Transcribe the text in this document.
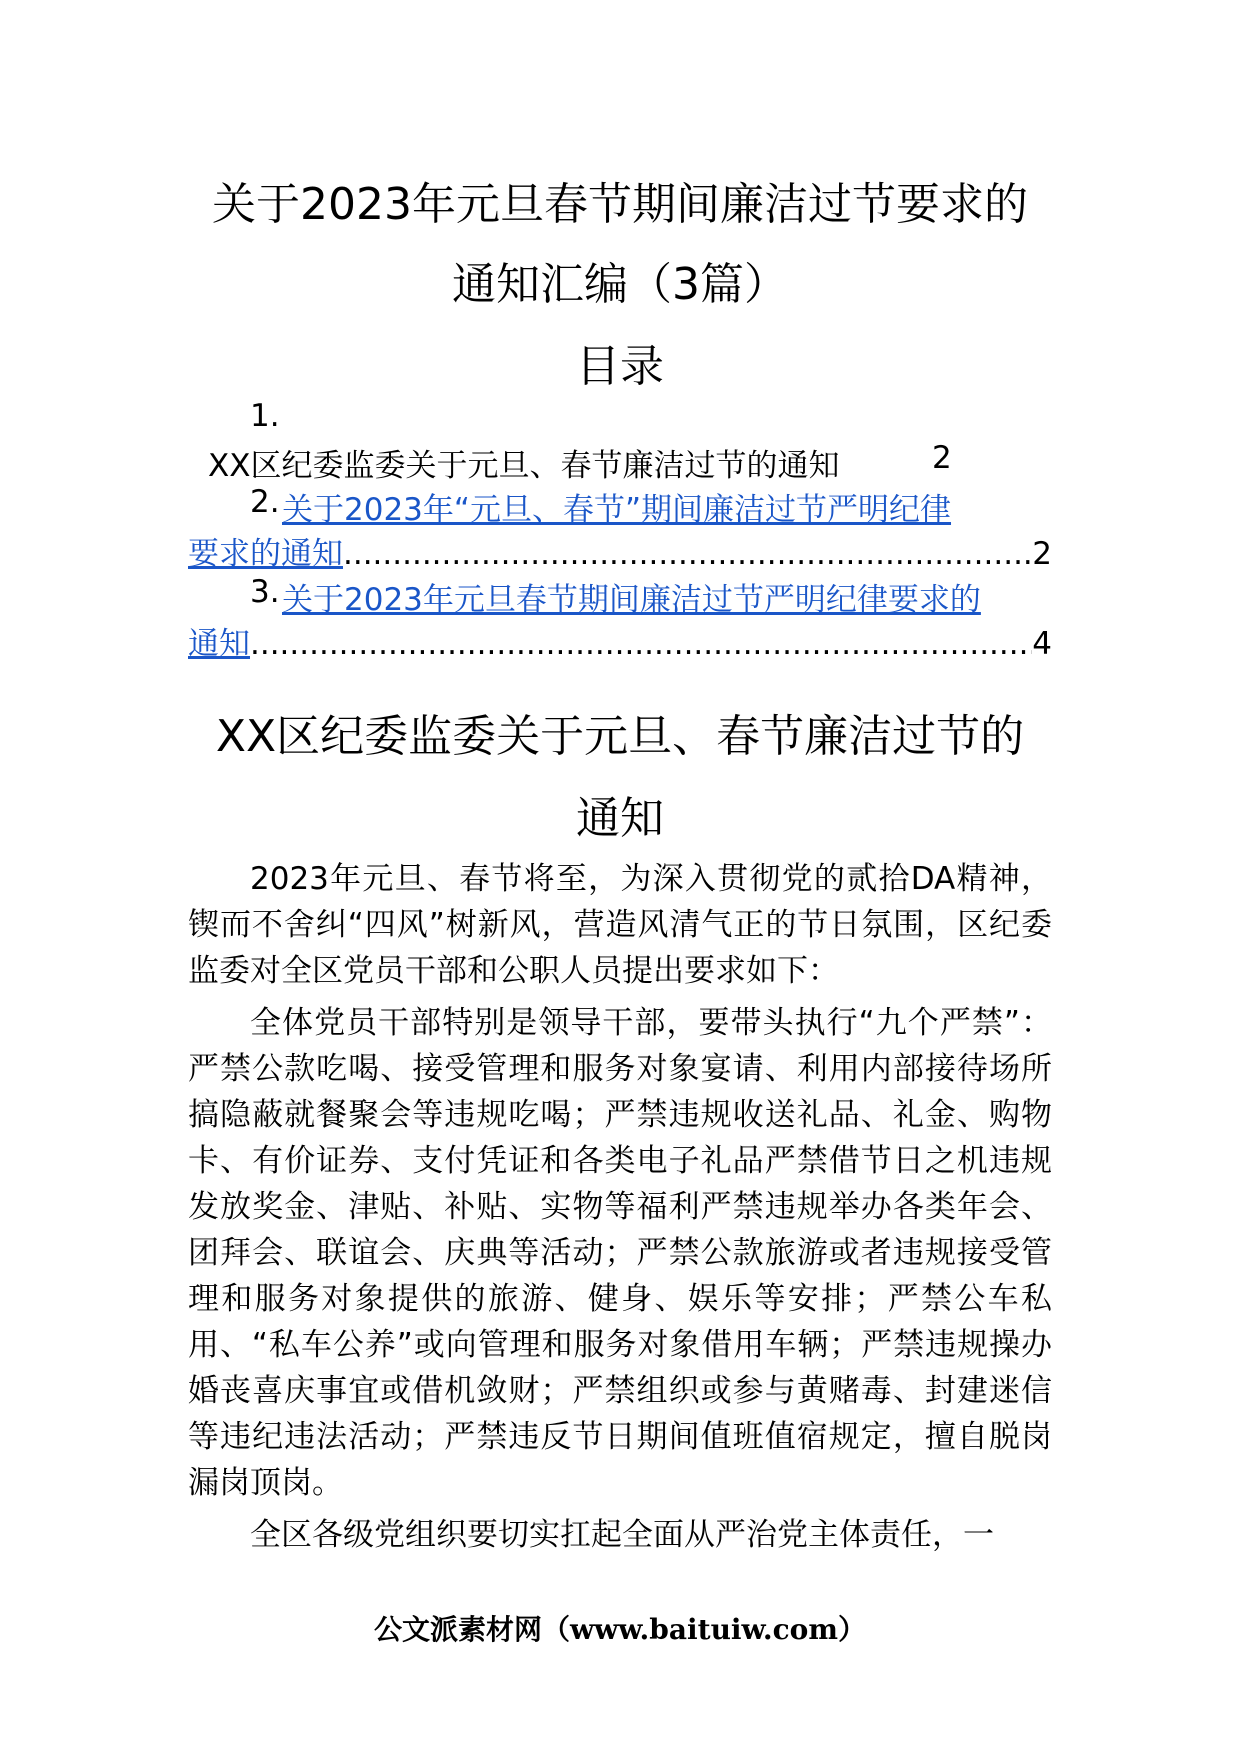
关于2023年元旦春节期间廉洁过节要求的
通知汇编（3篇）
目录
1.
XX区纪委监委关于元旦、春节廉洁过节的通知	2
2. 关于2023年“元旦、春节”期间廉洁过节严明纪律
要求的通知 .....	2
3. 关于2023年元旦春节期间廉洁过节严明纪律要求的
通知 .....	4
XX区纪委监委关于元旦、春节廉洁过节的
通知

2023年元旦、春节将至，为深入贯彻党的贰拾DA精神，锲而不舍纠“四风”树新风，营造风清气正的节日氛围，区纪委监委对全区党员干部和公职人员提出要求如下：

全体党员干部特别是领导干部，要带头执行“九个严禁”：严禁公款吃喝、接受管理和服务对象宴请、利用内部接待场所搞隐蔽就餐聚会等违规吃喝；严禁违规收送礼品、礼金、购物卡、有价证券、支付凭证和各类电子礼品严禁借节日之机违规发放奖金、津贴、补贴、实物等福利严禁违规举办各类年会、团拜会、联谊会、庆典等活动；严禁公款旅游或者违规接受管理和服务对象提供的旅游、健身、娱乐等安排；严禁公车私用、“私车公养”或向管理和服务对象借用车辆；严禁违规操办婚丧喜庆事宜或借机敛财；严禁组织或参与黄赌毒、封建迷信等违纪违法活动；严禁违反节日期间值班值宿规定，擅自脱岗漏岗顶岗。

全区各级党组织要切实扛起全面从严治党主体责任，一

公文派素材网（www.baituiw.com）
